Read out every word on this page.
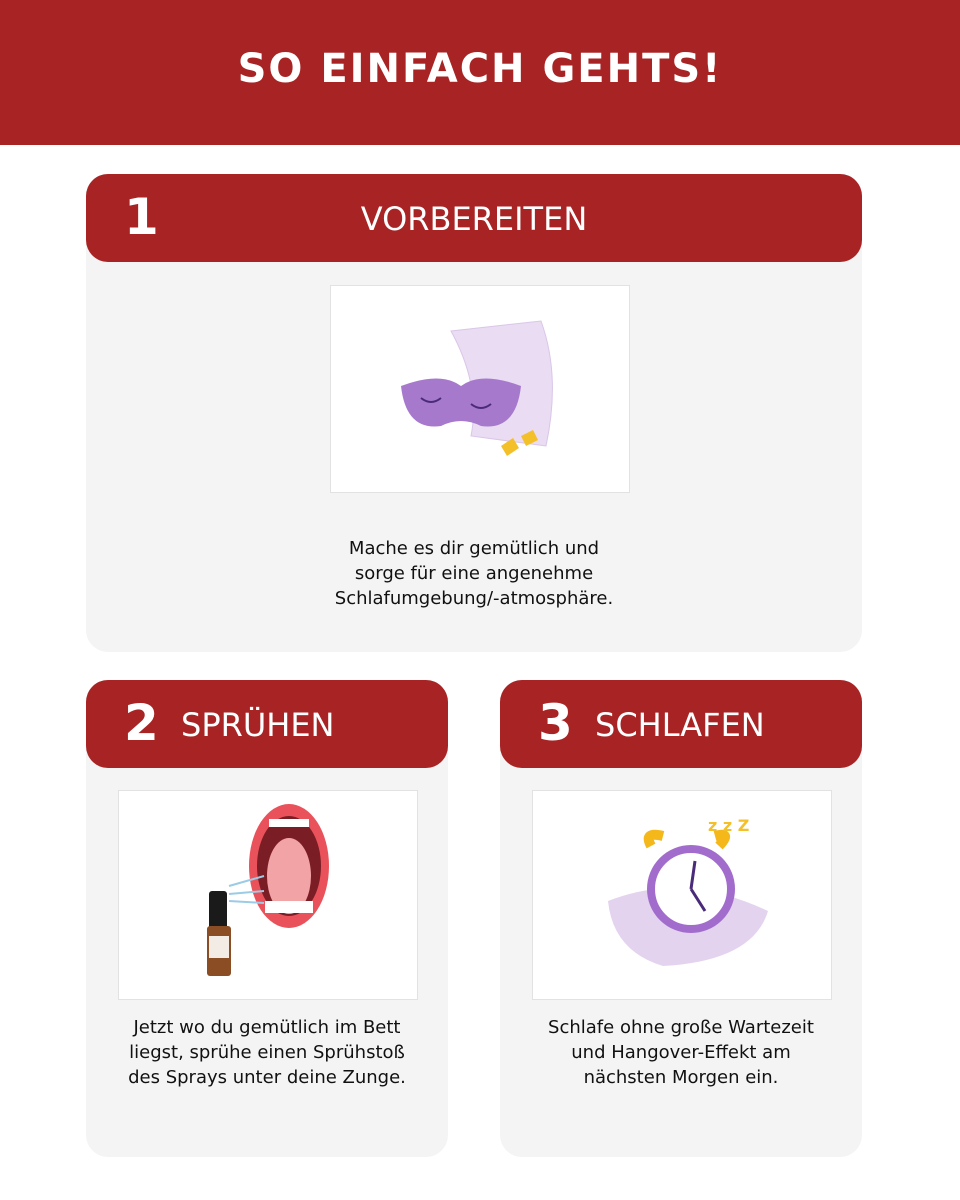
SO EINFACH GEHTS!
1	VORBEREITEN
Mache es dir gemütlich und
sorge für eine angenehme
Schlafumgebung/-atmosphäre.
2 SPRÜHEN
Jetzt wo du gemütlich im Bett
liegst, sprühe einen Sprühstoß
des Sprays unter deine Zunge.
3 SCHLAFEN
z z Z
Schlafe ohne große Wartezeit
und Hangover-Effekt am
nächsten Morgen ein.
